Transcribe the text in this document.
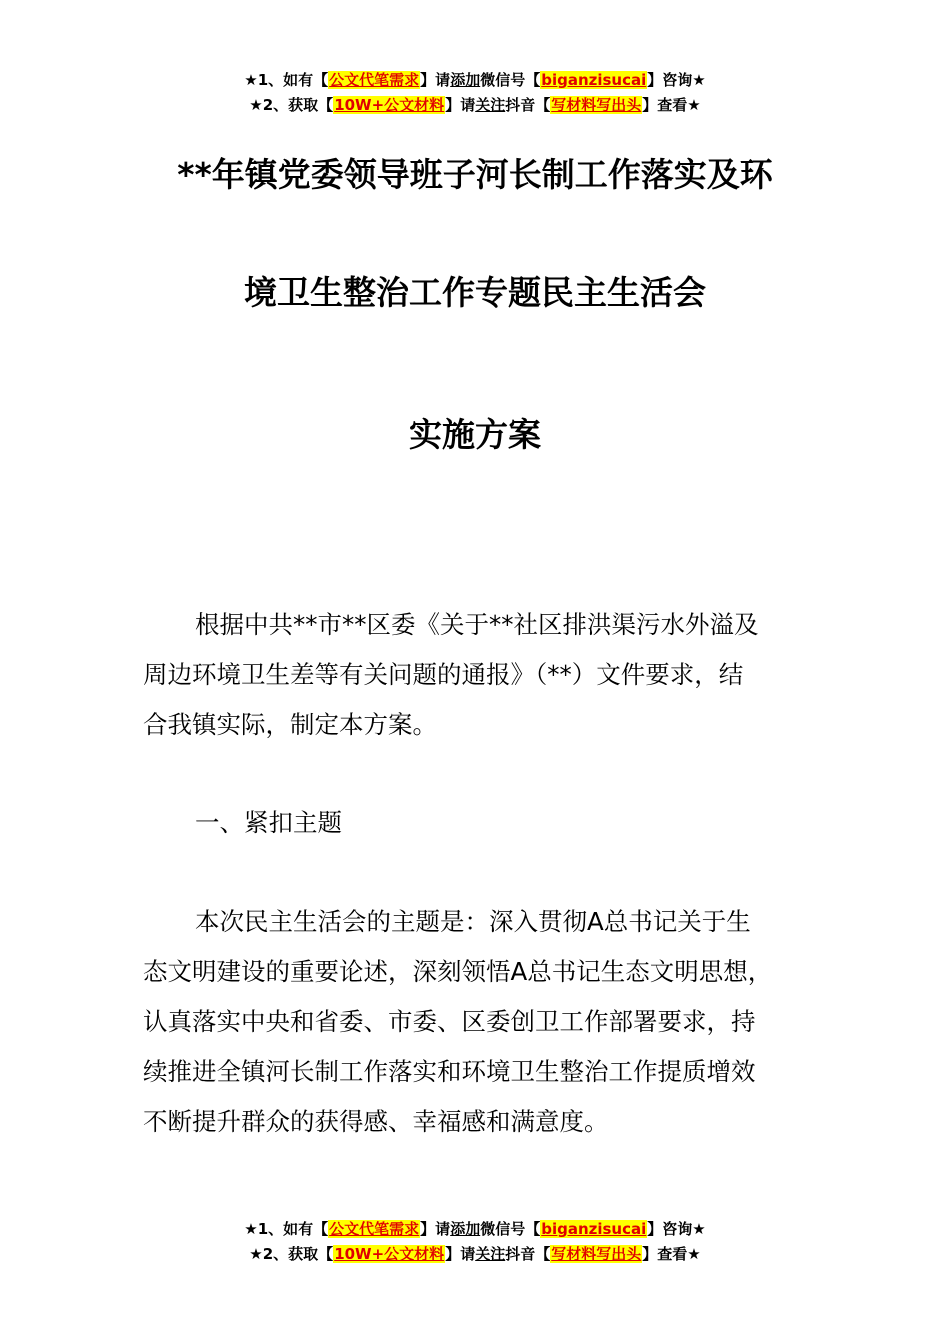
★1、如有【公文代笔需求】请添加微信号【biganzisucai】咨询★
★2、获取【10W+公文材料】请关注抖音【写材料写出头】查看★
**年镇党委领导班子河长制工作落实及环
境卫生整治工作专题民主生活会
实施方案
根据中共**市**区委《关于**社区排洪渠污水外溢及
周边环境卫生差等有关问题的通报》（**）文件要求，结
合我镇实际，制定本方案。
一、紧扣主题
本次民主生活会的主题是：深入贯彻A总书记关于生
态文明建设的重要论述，深刻领悟A总书记生态文明思想，
认真落实中央和省委、市委、区委创卫工作部署要求，持
续推进全镇河长制工作落实和环境卫生整治工作提质增效
不断提升群众的获得感、幸福感和满意度。
★1、如有【公文代笔需求】请添加微信号【biganzisucai】咨询★
★2、获取【10W+公文材料】请关注抖音【写材料写出头】查看★
